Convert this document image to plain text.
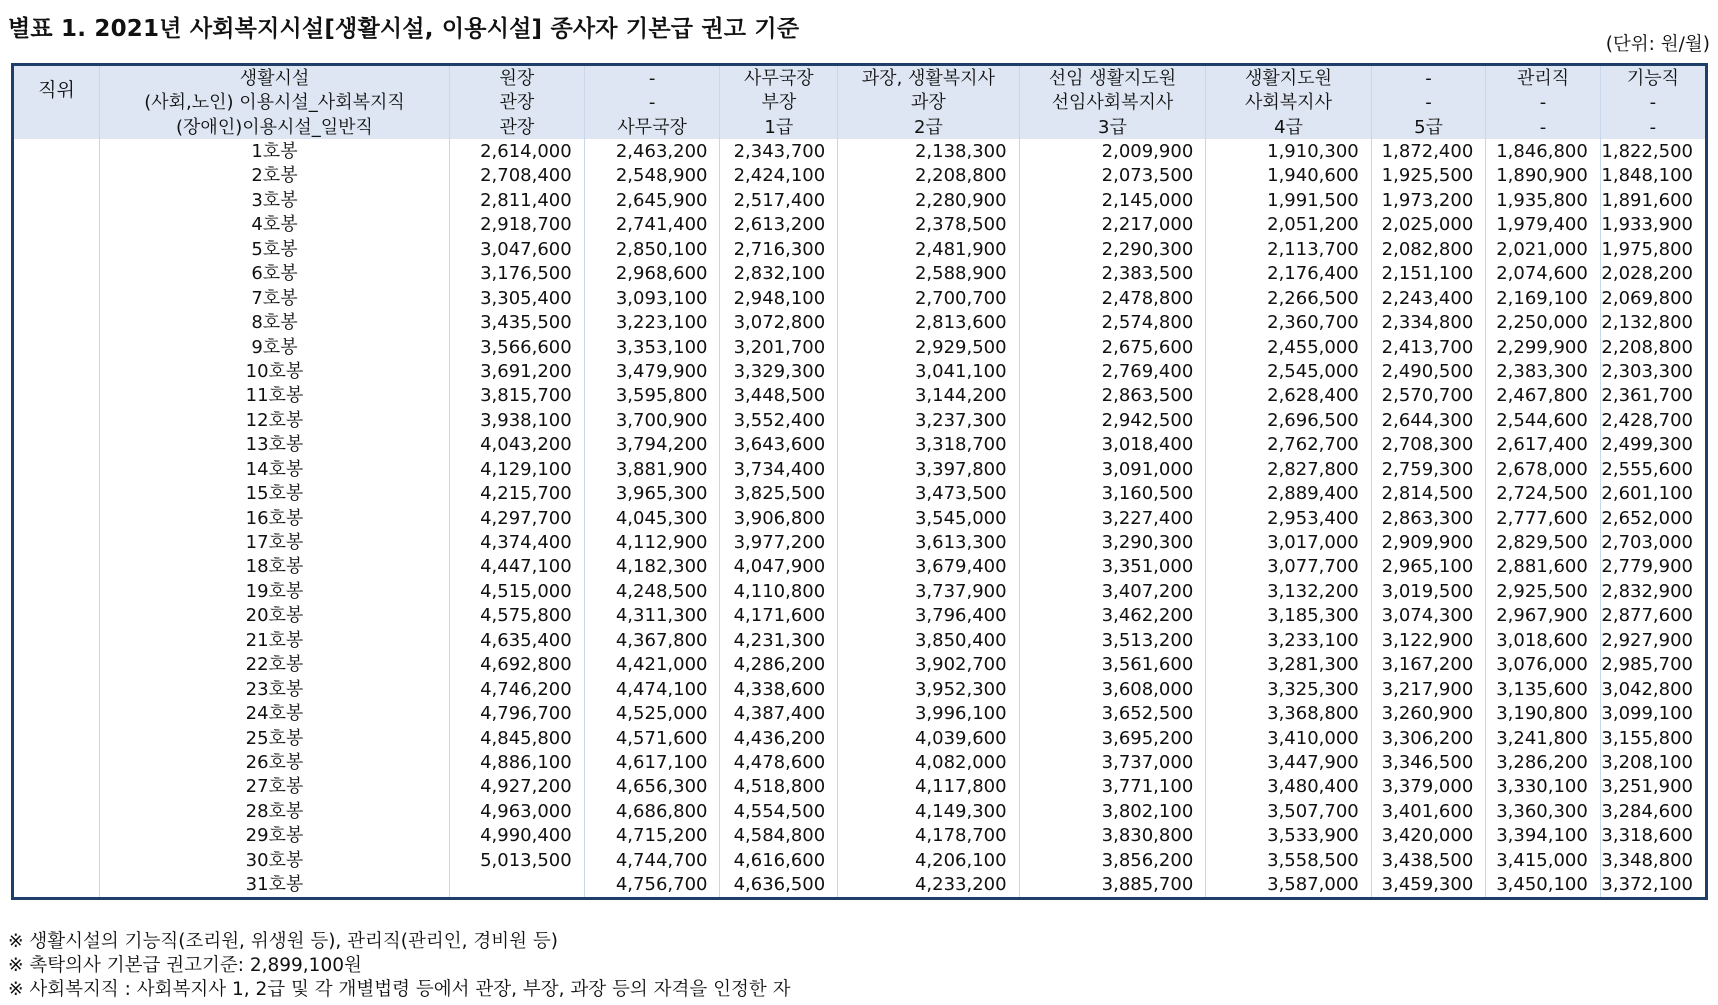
별표 1. 2021년 사회복지시설[생활시설, 이용시설] 종사자 기본급 권고 기준
(단위: 원/월)
직위	생활시설	원장	-	사무국장	과장, 생활복지사	선임 생활지도원	생활지도원	-	관리직	기능직
	(사회,노인) 이용시설_사회복지직	관장	-	부장	과장	선임사회복지사	사회복지사	-	-	-
	(장애인)이용시설_일반직	관장	사무국장	1급	2급	3급	4급	5급	-	-
	1호봉	2,614,000	2,463,200	2,343,700	2,138,300	2,009,900	1,910,300	1,872,400	1,846,800	1,822,500
	2호봉	2,708,400	2,548,900	2,424,100	2,208,800	2,073,500	1,940,600	1,925,500	1,890,900	1,848,100
	3호봉	2,811,400	2,645,900	2,517,400	2,280,900	2,145,000	1,991,500	1,973,200	1,935,800	1,891,600
	4호봉	2,918,700	2,741,400	2,613,200	2,378,500	2,217,000	2,051,200	2,025,000	1,979,400	1,933,900
	5호봉	3,047,600	2,850,100	2,716,300	2,481,900	2,290,300	2,113,700	2,082,800	2,021,000	1,975,800
	6호봉	3,176,500	2,968,600	2,832,100	2,588,900	2,383,500	2,176,400	2,151,100	2,074,600	2,028,200
	7호봉	3,305,400	3,093,100	2,948,100	2,700,700	2,478,800	2,266,500	2,243,400	2,169,100	2,069,800
	8호봉	3,435,500	3,223,100	3,072,800	2,813,600	2,574,800	2,360,700	2,334,800	2,250,000	2,132,800
	9호봉	3,566,600	3,353,100	3,201,700	2,929,500	2,675,600	2,455,000	2,413,700	2,299,900	2,208,800
	10호봉	3,691,200	3,479,900	3,329,300	3,041,100	2,769,400	2,545,000	2,490,500	2,383,300	2,303,300
	11호봉	3,815,700	3,595,800	3,448,500	3,144,200	2,863,500	2,628,400	2,570,700	2,467,800	2,361,700
	12호봉	3,938,100	3,700,900	3,552,400	3,237,300	2,942,500	2,696,500	2,644,300	2,544,600	2,428,700
	13호봉	4,043,200	3,794,200	3,643,600	3,318,700	3,018,400	2,762,700	2,708,300	2,617,400	2,499,300
	14호봉	4,129,100	3,881,900	3,734,400	3,397,800	3,091,000	2,827,800	2,759,300	2,678,000	2,555,600
	15호봉	4,215,700	3,965,300	3,825,500	3,473,500	3,160,500	2,889,400	2,814,500	2,724,500	2,601,100
	16호봉	4,297,700	4,045,300	3,906,800	3,545,000	3,227,400	2,953,400	2,863,300	2,777,600	2,652,000
	17호봉	4,374,400	4,112,900	3,977,200	3,613,300	3,290,300	3,017,000	2,909,900	2,829,500	2,703,000
	18호봉	4,447,100	4,182,300	4,047,900	3,679,400	3,351,000	3,077,700	2,965,100	2,881,600	2,779,900
	19호봉	4,515,000	4,248,500	4,110,800	3,737,900	3,407,200	3,132,200	3,019,500	2,925,500	2,832,900
	20호봉	4,575,800	4,311,300	4,171,600	3,796,400	3,462,200	3,185,300	3,074,300	2,967,900	2,877,600
	21호봉	4,635,400	4,367,800	4,231,300	3,850,400	3,513,200	3,233,100	3,122,900	3,018,600	2,927,900
	22호봉	4,692,800	4,421,000	4,286,200	3,902,700	3,561,600	3,281,300	3,167,200	3,076,000	2,985,700
	23호봉	4,746,200	4,474,100	4,338,600	3,952,300	3,608,000	3,325,300	3,217,900	3,135,600	3,042,800
	24호봉	4,796,700	4,525,000	4,387,400	3,996,100	3,652,500	3,368,800	3,260,900	3,190,800	3,099,100
	25호봉	4,845,800	4,571,600	4,436,200	4,039,600	3,695,200	3,410,000	3,306,200	3,241,800	3,155,800
	26호봉	4,886,100	4,617,100	4,478,600	4,082,000	3,737,000	3,447,900	3,346,500	3,286,200	3,208,100
	27호봉	4,927,200	4,656,300	4,518,800	4,117,800	3,771,100	3,480,400	3,379,000	3,330,100	3,251,900
	28호봉	4,963,000	4,686,800	4,554,500	4,149,300	3,802,100	3,507,700	3,401,600	3,360,300	3,284,600
	29호봉	4,990,400	4,715,200	4,584,800	4,178,700	3,830,800	3,533,900	3,420,000	3,394,100	3,318,600
	30호봉	5,013,500	4,744,700	4,616,600	4,206,100	3,856,200	3,558,500	3,438,500	3,415,000	3,348,800
	31호봉		4,756,700	4,636,500	4,233,200	3,885,700	3,587,000	3,459,300	3,450,100	3,372,100
※ 생활시설의 기능직(조리원, 위생원 등), 관리직(관리인, 경비원 등)
※ 촉탁의사 기본급 권고기준: 2,899,100원
※ 사회복지직 : 사회복지사 1, 2급 및 각 개별법령 등에서 관장, 부장, 과장 등의 자격을 인정한 자
